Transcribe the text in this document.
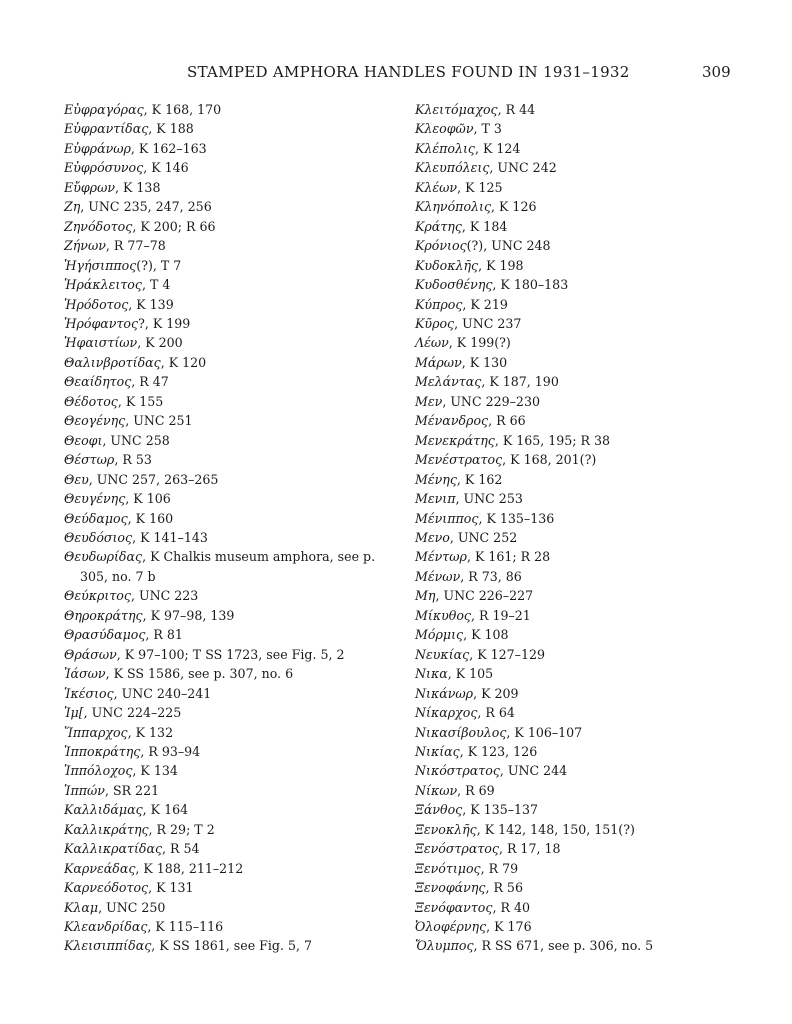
STAMPED AMPHORA HANDLES FOUND IN 1931–1932	309
Εὐφραγόρας, K 168, 170
Εὐφραντίδας, K 188
Εὐφράνωρ, K 162–163
Εὐφρόσυνος, K 146
Εὔφρων, K 138
Ζη, UNC 235, 247, 256
Ζηνόδοτος, K 200; R 66
Ζήνων, R 77–78
Ἡγήσιππος(?), T 7
Ἡράκλειτος, T 4
Ἡρόδοτος, K 139
Ἡρόφαντος?, K 199
Ἡφαιστίων, K 200
Θαλινβροτίδας, K 120
Θεαίδητος, R 47
Θέδοτος, K 155
Θεογένης, UNC 251
Θεοφι, UNC 258
Θέστωρ, R 53
Θευ, UNC 257, 263–265
Θευγένης, K 106
Θεύδαμος, K 160
Θευδόσιος, K 141–143
Θευδωρίδας, K Chalkis museum amphora, see p. 305, no. 7 b
Θεύκριτος, UNC 223
Θηροκράτης, K 97–98, 139
Θρασύδαμος, R 81
Θράσων, K 97–100; T SS 1723, see Fig. 5, 2
Ἰάσων, K SS 1586, see p. 307, no. 6
Ἱκέσιος, UNC 240–241
Ἰμ[, UNC 224–225
Ἵππαρχος, K 132
Ἱπποκράτης, R 93–94
Ἱππόλοχος, K 134
Ἱππών, SR 221
Καλλιδάμας, K 164
Καλλικράτης, R 29; T 2
Καλλικρατίδας, R 54
Καρνεάδας, K 188, 211–212
Καρνεόδοτος, K 131
Κλαμ, UNC 250
Κλεανδρίδας, K 115–116
Κλεισιππίδας, K SS 1861, see Fig. 5, 7
Κλειτόμαχος, R 44
Κλεοφῶν, T 3
Κλέπολις, K 124
Κλευπόλεις, UNC 242
Κλέων, K 125
Κληνόπολις, K 126
Κράτης, K 184
Κρόνιος(?), UNC 248
Κυδοκλῆς, K 198
Κυδοσθένης, K 180–183
Κύπρος, K 219
Κῦρος, UNC 237
Λέων, K 199(?)
Μάρων, K 130
Μελάντας, K 187, 190
Μεν, UNC 229–230
Μένανδρος, R 66
Μενεκράτης, K 165, 195; R 38
Μενέστρατος, K 168, 201(?)
Μένης, K 162
Μενιπ, UNC 253
Μένιππος, K 135–136
Μενο, UNC 252
Μέντωρ, K 161; R 28
Μένων, R 73, 86
Μη, UNC 226–227
Μίκυθος, R 19–21
Μόρμις, K 108
Νευκίας, K 127–129
Νικα, K 105
Νικάνωρ, K 209
Νίκαρχος, R 64
Νικασίβουλος, K 106–107
Νικίας, K 123, 126
Νικόστρατος, UNC 244
Νίκων, R 69
Ξάνθος, K 135–137
Ξενοκλῆς, K 142, 148, 150, 151(?)
Ξενόστρατος, R 17, 18
Ξενότιμος, R 79
Ξενοφάνης, R 56
Ξενόφαντος, R 40
Ὀλοφέρνης, K 176
Ὄλυμπος, R SS 671, see p. 306, no. 5
